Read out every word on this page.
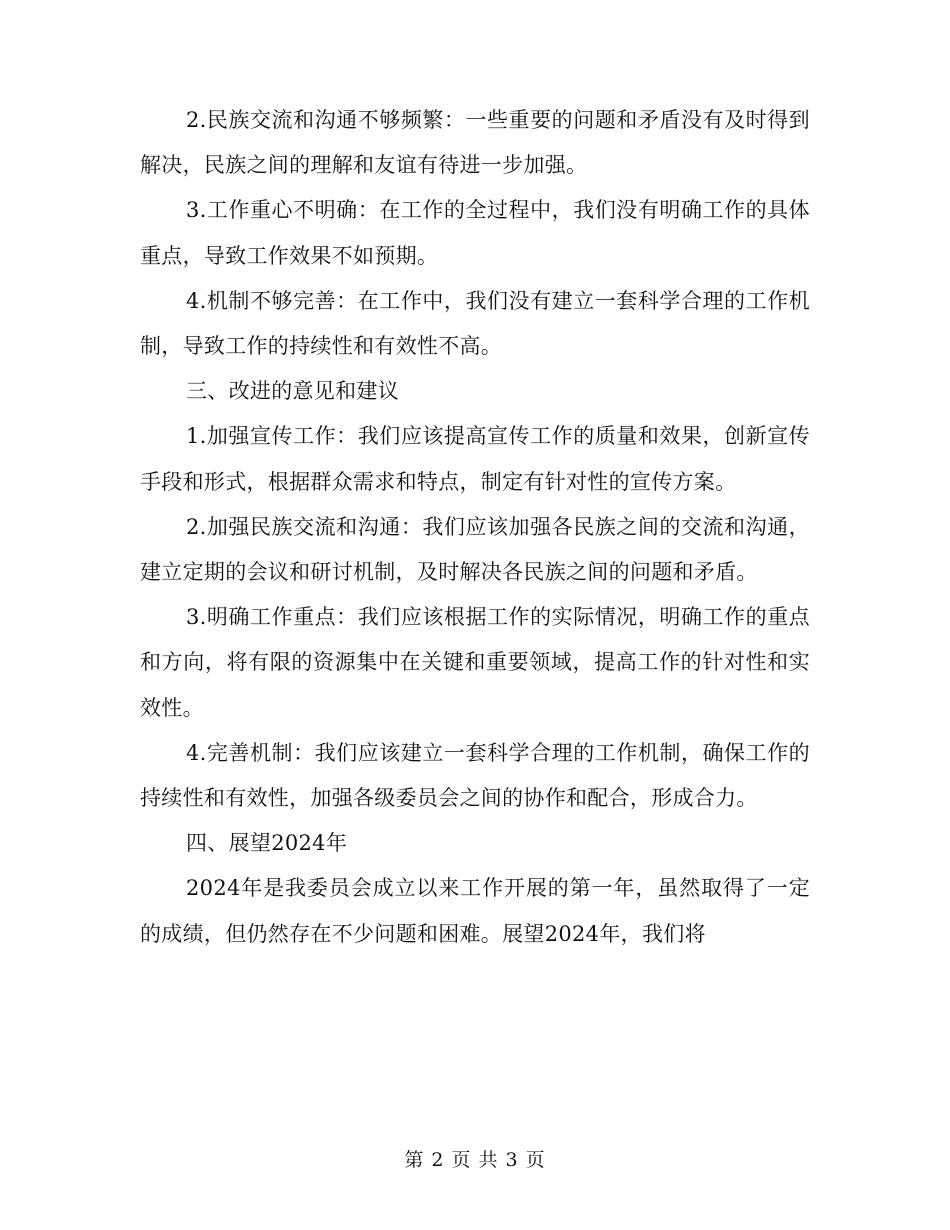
2.民族交流和沟通不够频繁：一些重要的问题和矛盾没有及时得到解决，民族之间的理解和友谊有待进一步加强。

3.工作重心不明确：在工作的全过程中，我们没有明确工作的具体重点，导致工作效果不如预期。

4.机制不够完善：在工作中，我们没有建立一套科学合理的工作机制，导致工作的持续性和有效性不高。

三、改进的意见和建议

1.加强宣传工作：我们应该提高宣传工作的质量和效果，创新宣传手段和形式，根据群众需求和特点，制定有针对性的宣传方案。

2.加强民族交流和沟通：我们应该加强各民族之间的交流和沟通，建立定期的会议和研讨机制，及时解决各民族之间的问题和矛盾。

3.明确工作重点：我们应该根据工作的实际情况，明确工作的重点和方向，将有限的资源集中在关键和重要领域，提高工作的针对性和实效性。

4.完善机制：我们应该建立一套科学合理的工作机制，确保工作的持续性和有效性，加强各级委员会之间的协作和配合，形成合力。

四、展望2024年

2024年是我委员会成立以来工作开展的第一年，虽然取得了一定的成绩，但仍然存在不少问题和困难。展望2024年，我们将

第 2 页 共 3 页
